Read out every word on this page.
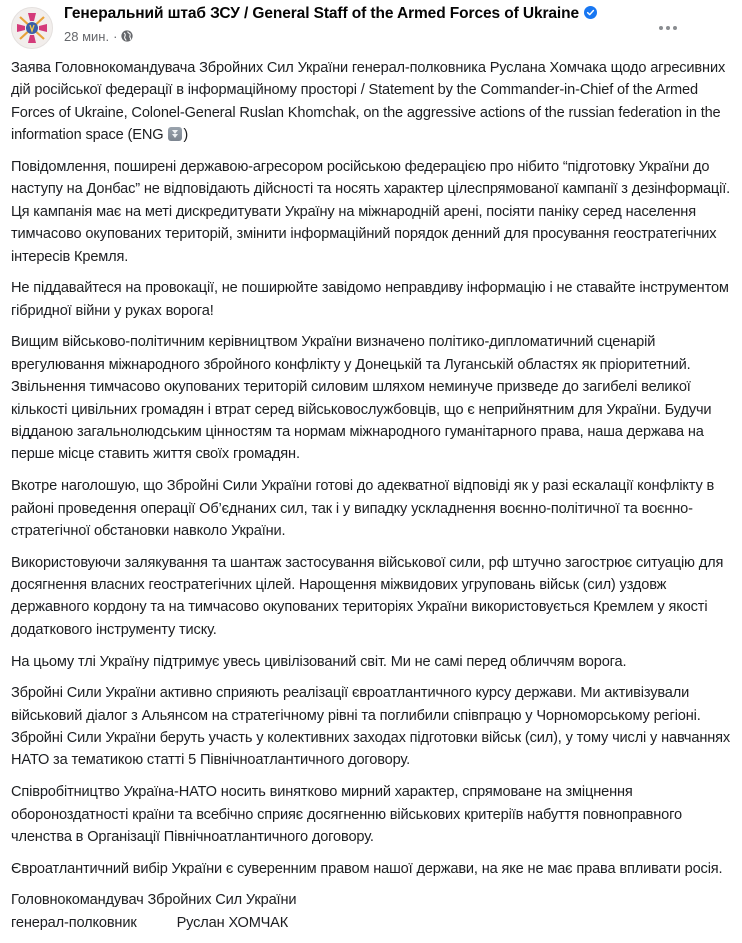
Генеральний штаб ЗСУ / General Staff of the Armed Forces of Ukraine
28 мин. ·

Заява Головнокомандувача Збройних Сил України генерал-полковника Руслана Хомчака щодо агресивних дій російської федерації в інформаційному просторі / Statement by the Commander-in-Chief of the Armed Forces of Ukraine, Colonel-General Ruslan Khomchak, on the aggressive actions of the russian federation in the information space (ENG )

Повідомлення, поширені державою-агресором російською федерацією про нібито “підготовку України до наступу на Донбас” не відповідають дійсності та носять характер цілеспрямованої кампанії з дезінформації. Ця кампанія має на меті дискредитувати Україну на міжнародній арені, посіяти паніку серед населення тимчасово окупованих територій, змінити інформаційний порядок денний для просування геостратегічних інтересів Кремля.

Не піддавайтеся на провокації, не поширюйте завідомо неправдиву інформацію і не ставайте інструментом гібридної війни у руках ворога!

Вищим військово-політичним керівництвом України визначено політико-дипломатичний сценарій врегулювання міжнародного збройного конфлікту у Донецькій та Луганській областях як пріоритетний. Звільнення тимчасово окупованих територій силовим шляхом неминуче призведе до загибелі великої кількості цивільних громадян і втрат серед військовослужбовців, що є неприйнятним для України. Будучи відданою загальнолюдським цінностям та нормам міжнародного гуманітарного права, наша держава на перше місце ставить життя своїх громадян.

Вкотре наголошую, що Збройні Сили України готові до адекватної відповіді як у разі ескалації конфлікту в районі проведення операції Об’єднаних сил, так і у випадку ускладнення воєнно-політичної та воєнно-стратегічної обстановки навколо України.

Використовуючи залякування та шантаж застосування військової сили, рф штучно загострює ситуацію для досягнення власних геостратегічних цілей. Нарощення міжвидових угруповань військ (сил) уздовж державного кордону та на тимчасово окупованих територіях України використовується Кремлем у якості додаткового інструменту тиску.

На цьому тлі Україну підтримує увесь цивілізований світ. Ми не самі перед обличчям ворога.

Збройні Сили України активно сприяють реалізації євроатлантичного курсу держави. Ми активізували військовий діалог з Альянсом на стратегічному рівні та поглибили співпрацю у Чорноморському регіоні. Збройні Сили України беруть участь у колективних заходах підготовки військ (сил), у тому числі у навчаннях НАТО за тематикою статті 5 Північноатлантичного договору.

Співробітництво Україна-НАТО носить винятково мирний характер, спрямоване на зміцнення обороноздатності країни та всебічно сприяє досягненню військових критеріїв набуття повноправного членства в Організації Північноатлантичного договору.

Євроатлантичний вибір України є суверенним правом нашої держави, на яке не має права впливати росія.

Головнокомандувач Збройних Сил України
генерал-полковник	Руслан ХОМЧАК
